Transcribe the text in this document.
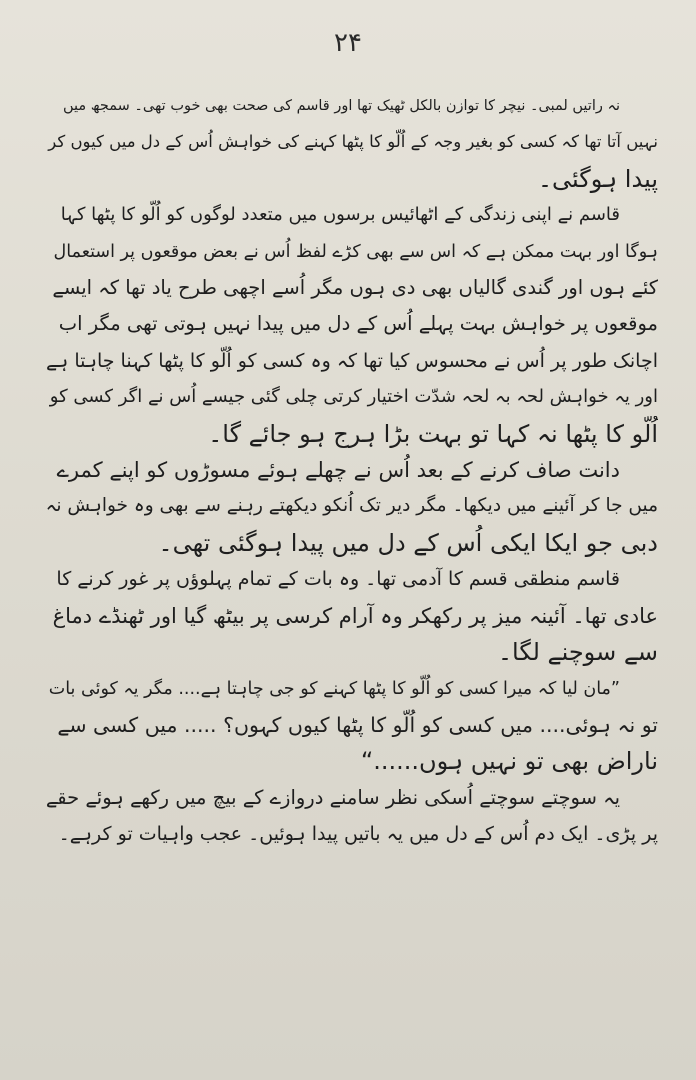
۲۴
نہ راتیں لمبی۔ نیچر کا توازن بالکل ٹھیک تھا اور قاسم کی صحت بھی خوب تھی۔ سمجھ میں
نہیں آتا تھا کہ کسی کو بغیر وجہ کے اُلّو کا پٹھا کہنے کی خواہش اُس کے دل میں کیوں کر
پیدا ہوگئی۔
قاسم نے اپنی زندگی کے اٹھائیس برسوں میں متعدد لوگوں کو اُلّو کا پٹھا کہا
ہوگا اور بہت ممکن ہے کہ اس سے بھی کڑے لفظ اُس نے بعض موقعوں پر استعمال
کئے ہوں اور گندی گالیاں بھی دی ہوں مگر اُسے اچھی طرح یاد تھا کہ ایسے
موقعوں پر خواہش بہت پہلے اُس کے دل میں پیدا نہیں ہوتی تھی مگر اب
اچانک طور پر اُس نے محسوس کیا تھا کہ وہ کسی کو اُلّو کا پٹھا کہنا چاہتا ہے
اور یہ خواہش لحہ بہ لحہ شدّت اختیار کرتی چلی گئی جیسے اُس نے اگر کسی کو
اُلّو کا پٹھا نہ کہا تو بہت بڑا ہرج ہو جائے گا۔
دانت صاف کرنے کے بعد اُس نے چھلے ہوئے مسوڑوں کو اپنے کمرے
میں جا کر آئینے میں دیکھا۔ مگر دیر تک اُنکو دیکھتے رہنے سے بھی وہ خواہش نہ
دبی جو ایکا ایکی اُس کے دل میں پیدا ہوگئی تھی۔
قاسم منطقی قسم کا آدمی تھا۔ وہ بات کے تمام پہلوؤں پر غور کرنے کا
عادی تھا۔ آئینہ میز پر رکھکر وہ آرام کرسی پر بیٹھ گیا اور ٹھنڈے دماغ
سے سوچنے لگا۔
”مان لیا کہ میرا کسی کو اُلّو کا پٹھا کہنے کو جی چاہتا ہے.... مگر یہ کوئی بات
تو نہ ہوئی.... میں کسی کو اُلّو کا پٹھا کیوں کہوں؟ ..... میں کسی سے
ناراض بھی تو نہیں ہوں......“
یہ سوچتے سوچتے اُسکی نظر سامنے دروازے کے بیچ میں رکھے ہوئے حقے
پر پڑی۔ ایک دم اُس کے دل میں یہ باتیں پیدا ہوئیں۔ عجب واہیات تو کرہے۔
